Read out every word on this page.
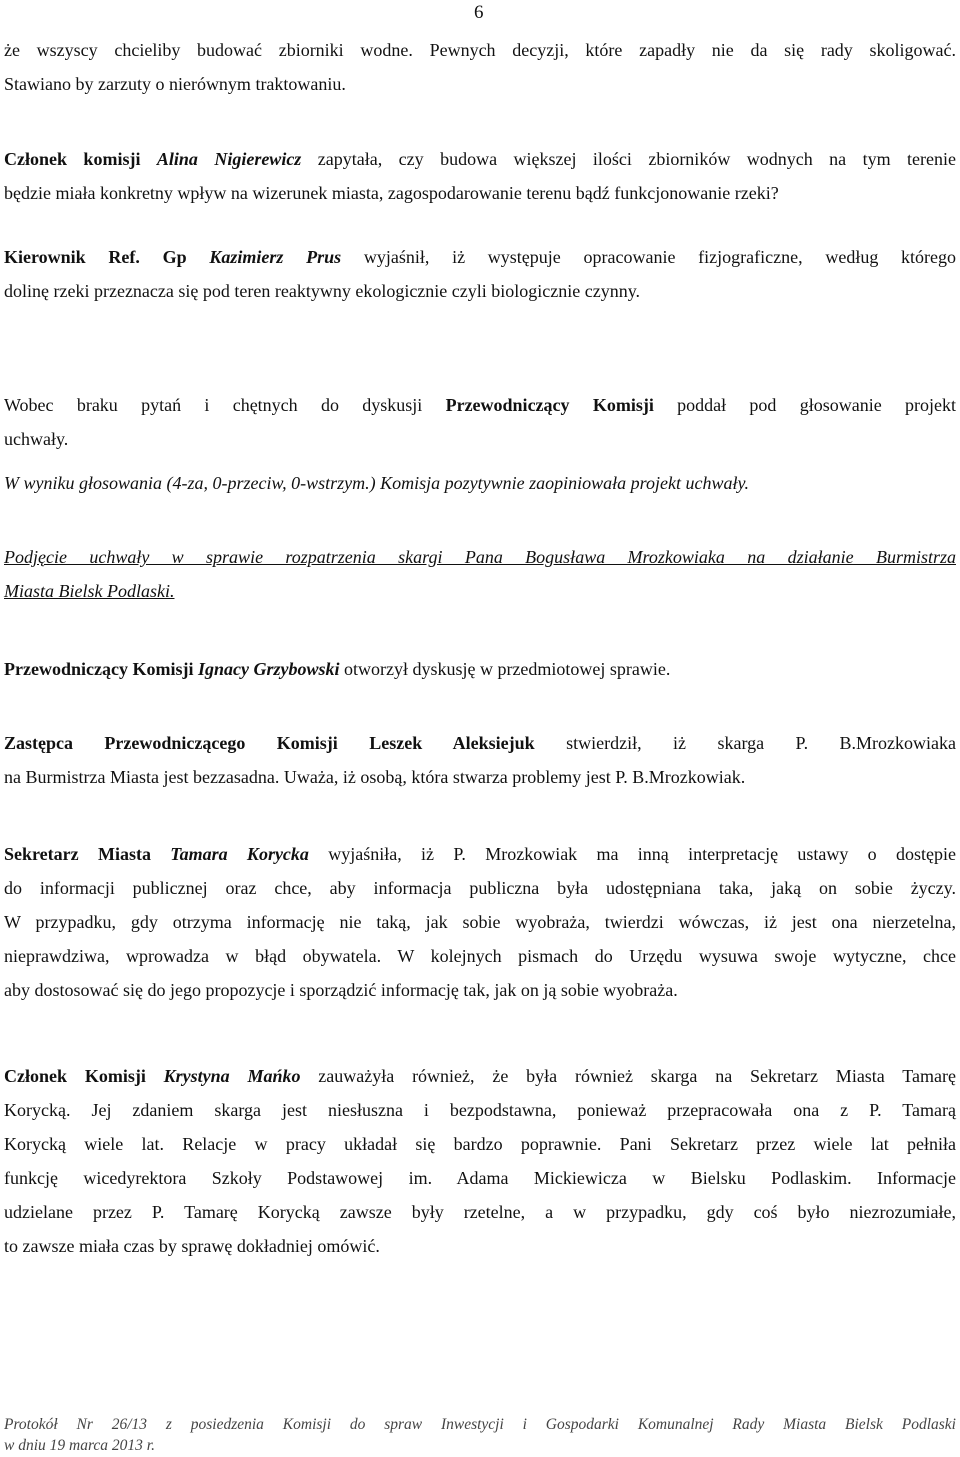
6
że wszyscy chcieliby budować zbiorniki wodne. Pewnych decyzji, które zapadły nie da się rady skoligować.
Stawiano by zarzuty o nierównym traktowaniu.
Członek komisji Alina Nigierewicz zapytała, czy budowa większej ilości zbiorników wodnych na tym terenie
będzie miała konkretny wpływ na wizerunek miasta, zagospodarowanie terenu bądź funkcjonowanie rzeki?
Kierownik Ref. Gp Kazimierz Prus wyjaśnił, iż występuje opracowanie fizjograficzne, według którego
dolinę rzeki przeznacza się pod teren reaktywny ekologicznie czyli biologicznie czynny.
Wobec braku pytań i chętnych do dyskusji Przewodniczący Komisji poddał pod głosowanie projekt
uchwały.
W wyniku głosowania (4-za, 0-przeciw, 0-wstrzym.) Komisja pozytywnie zaopiniowała projekt uchwały.
Podjęcie uchwały w sprawie rozpatrzenia skargi Pana Bogusława Mrozkowiaka na działanie Burmistrza
Miasta Bielsk Podlaski.
Przewodniczący Komisji Ignacy Grzybowski otworzył dyskusję w przedmiotowej sprawie.
Zastępca Przewodniczącego Komisji Leszek Aleksiejuk stwierdził, iż skarga P. B.Mrozkowiaka
na Burmistrza Miasta jest bezzasadna. Uważa, iż osobą, która stwarza problemy jest P. B.Mrozkowiak.
Sekretarz Miasta Tamara Korycka wyjaśniła, iż P. Mrozkowiak ma inną interpretację ustawy o dostępie
do informacji publicznej oraz chce, aby informacja publiczna była udostępniana taka, jaką on sobie życzy.
W przypadku, gdy otrzyma informację nie taką, jak sobie wyobraża, twierdzi wówczas, iż jest ona nierzetelna,
nieprawdziwa, wprowadza w błąd obywatela. W kolejnych pismach do Urzędu wysuwa swoje wytyczne, chce
aby dostosować się do jego propozycje i sporządzić informację tak, jak on ją sobie wyobraża.
Członek Komisji Krystyna Mańko zauważyła również, że była również skarga na Sekretarz Miasta Tamarę
Korycką. Jej zdaniem skarga jest niesłuszna i bezpodstawna, ponieważ przepracowała ona z P. Tamarą
Korycką wiele lat. Relacje w pracy układał się bardzo poprawnie. Pani Sekretarz przez wiele lat pełniła
funkcję wicedyrektora Szkoły Podstawowej im. Adama Mickiewicza w Bielsku Podlaskim. Informacje
udzielane przez P. Tamarę Korycką zawsze były rzetelne, a w przypadku, gdy coś było niezrozumiałe,
to zawsze miała czas by sprawę dokładniej omówić.
Protokół Nr 26/13 z posiedzenia Komisji do spraw Inwestycji i Gospodarki Komunalnej Rady Miasta Bielsk Podlaski
w dniu 19 marca 2013 r.
